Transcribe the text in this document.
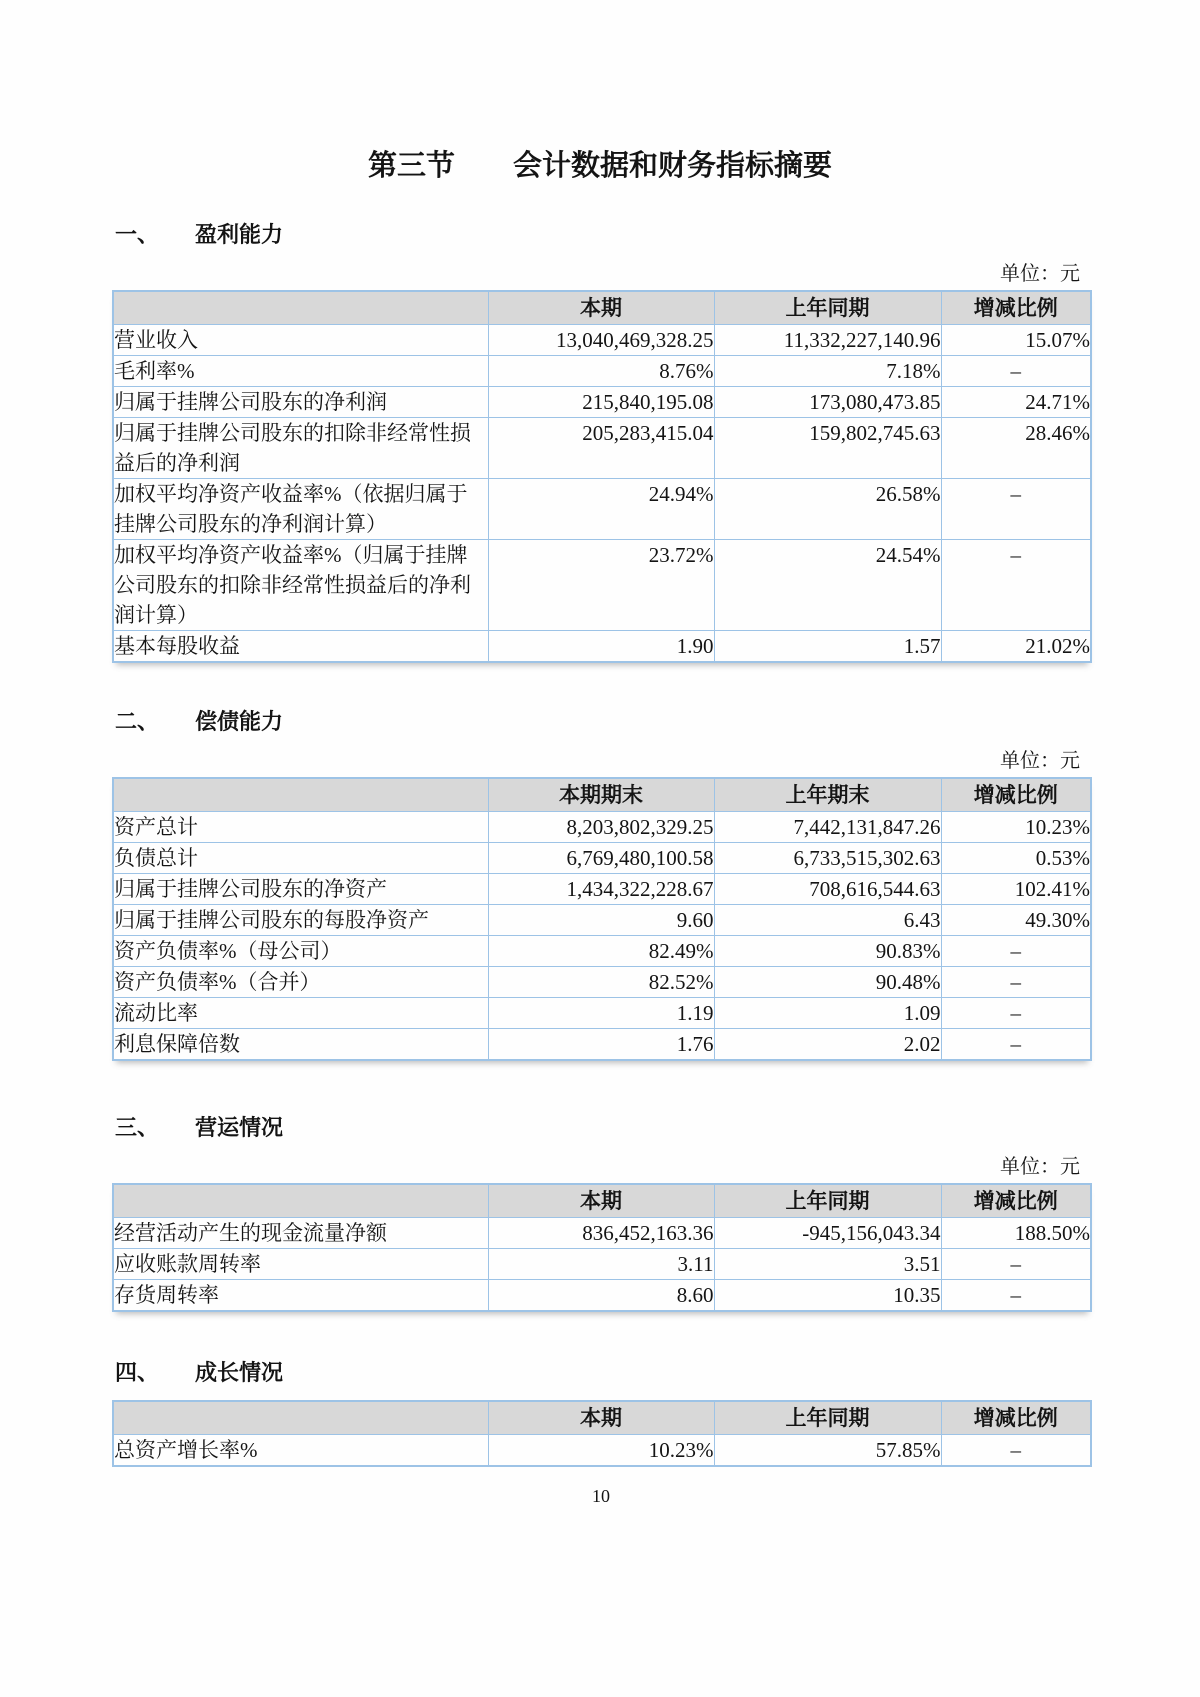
第三节　　会计数据和财务指标摘要
一、 盈利能力
单位：元
	本期	上年同期	增减比例
营业收入	13,040,469,328.25	11,332,227,140.96	15.07%
毛利率%	8.76%	7.18%	–
归属于挂牌公司股东的净利润	215,840,195.08	173,080,473.85	24.71%
归属于挂牌公司股东的扣除非经常性损益后的净利润	205,283,415.04	159,802,745.63	28.46%
加权平均净资产收益率%（依据归属于挂牌公司股东的净利润计算）	24.94%	26.58%	–
加权平均净资产收益率%（归属于挂牌公司股东的扣除非经常性损益后的净利润计算）	23.72%	24.54%	–
基本每股收益	1.90	1.57	21.02%
二、 偿债能力
单位：元
	本期期末	上年期末	增减比例
资产总计	8,203,802,329.25	7,442,131,847.26	10.23%
负债总计	6,769,480,100.58	6,733,515,302.63	0.53%
归属于挂牌公司股东的净资产	1,434,322,228.67	708,616,544.63	102.41%
归属于挂牌公司股东的每股净资产	9.60	6.43	49.30%
资产负债率%（母公司）	82.49%	90.83%	–
资产负债率%（合并）	82.52%	90.48%	–
流动比率	1.19	1.09	–
利息保障倍数	1.76	2.02	–
三、 营运情况
单位：元
	本期	上年同期	增减比例
经营活动产生的现金流量净额	836,452,163.36	-945,156,043.34	188.50%
应收账款周转率	3.11	3.51	–
存货周转率	8.60	10.35	–
四、 成长情况
	本期	上年同期	增减比例
总资产增长率%	10.23%	57.85%	–
10
